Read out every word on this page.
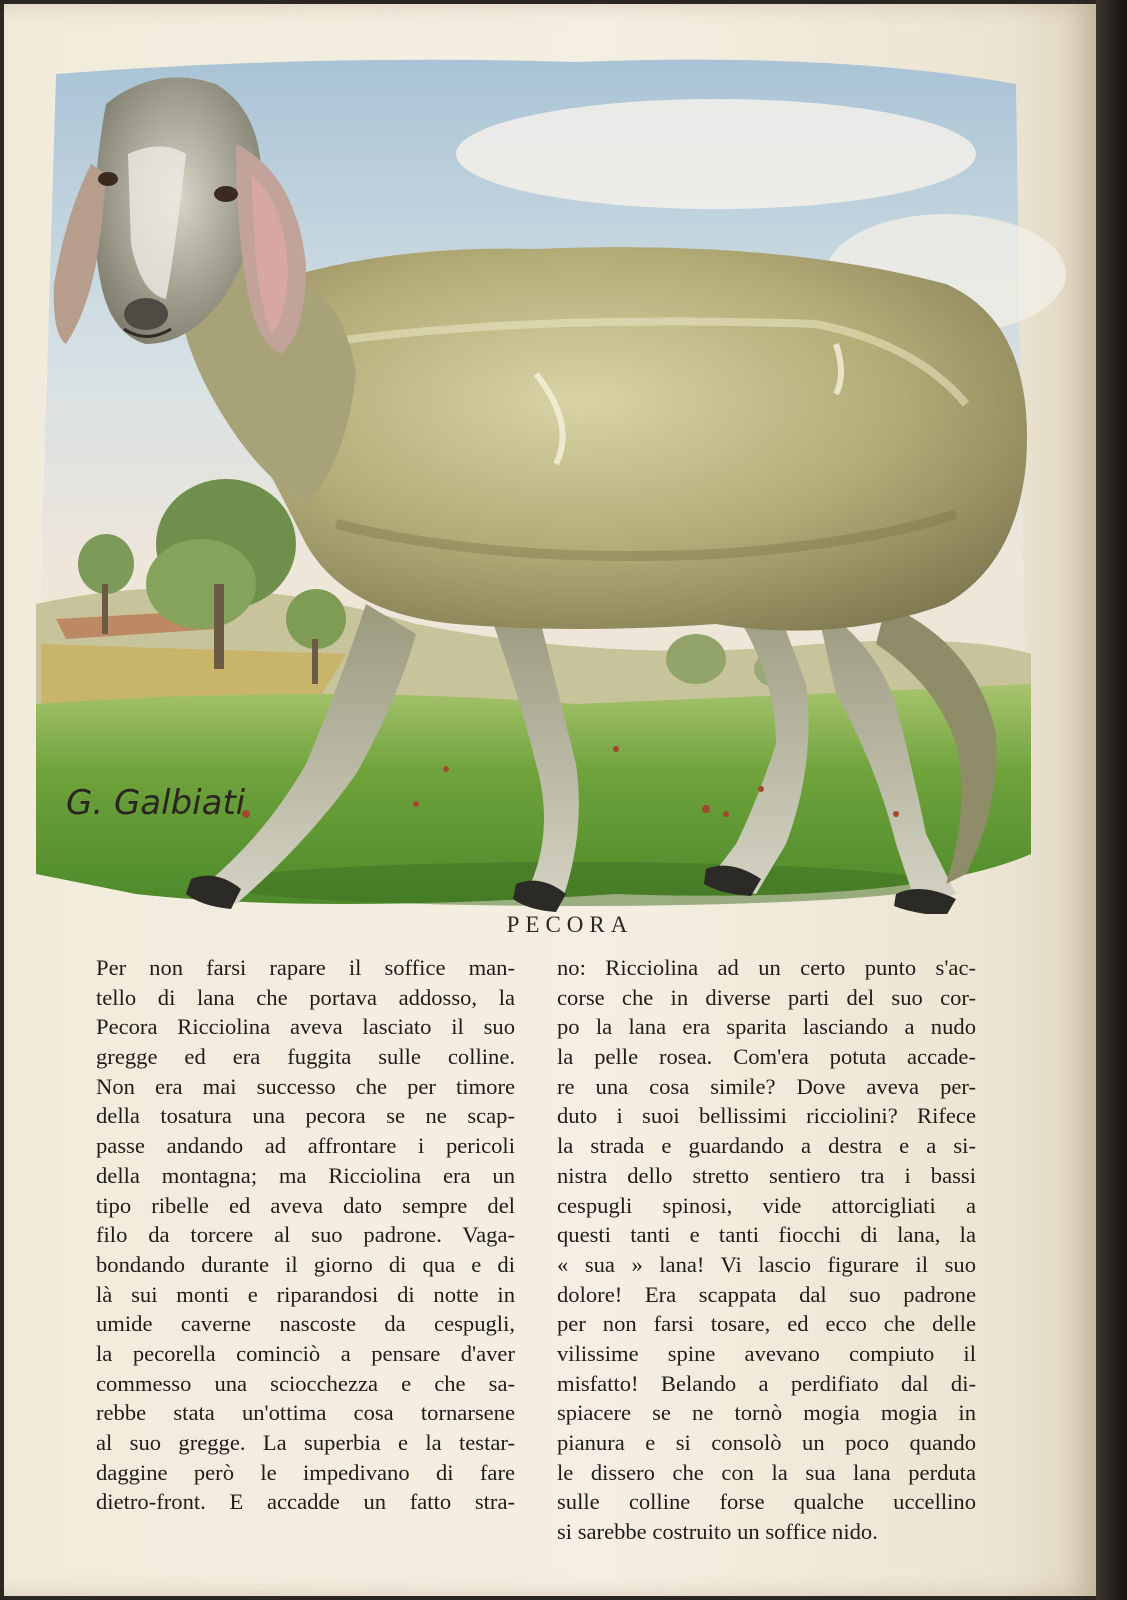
G. Galbiati
PECORA
Per non farsi rapare il soffice man-
tello di lana che portava addosso, la
Pecora Ricciolina aveva lasciato il suo
gregge ed era fuggita sulle colline.
Non era mai successo che per timore
della tosatura una pecora se ne scap-
passe andando ad affrontare i pericoli
della montagna; ma Ricciolina era un
tipo ribelle ed aveva dato sempre del
filo da torcere al suo padrone. Vaga-
bondando durante il giorno di qua e di
là sui monti e riparandosi di notte in
umide caverne nascoste da cespugli,
la pecorella cominciò a pensare d'aver
commesso una sciocchezza e che sa-
rebbe stata un'ottima cosa tornarsene
al suo gregge. La superbia e la testar-
daggine però le impedivano di fare
dietro-front. E accadde un fatto stra-
no: Ricciolina ad un certo punto s'ac-
corse che in diverse parti del suo cor-
po la lana era sparita lasciando a nudo
la pelle rosea. Com'era potuta accade-
re una cosa simile? Dove aveva per-
duto i suoi bellissimi ricciolini? Rifece
la strada e guardando a destra e a si-
nistra dello stretto sentiero tra i bassi
cespugli spinosi, vide attorcigliati a
questi tanti e tanti fiocchi di lana, la
« sua » lana! Vi lascio figurare il suo
dolore! Era scappata dal suo padrone
per non farsi tosare, ed ecco che delle
vilissime spine avevano compiuto il
misfatto! Belando a perdifiato dal di-
spiacere se ne tornò mogia mogia in
pianura e si consolò un poco quando
le dissero che con la sua lana perduta
sulle colline forse qualche uccellino
si sarebbe costruito un soffice nido.
